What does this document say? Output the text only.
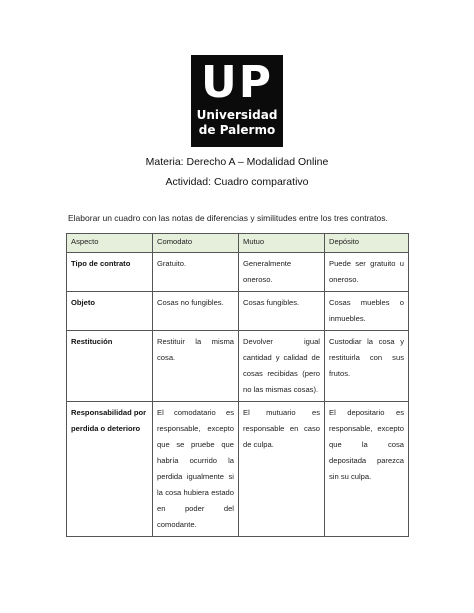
UP
Universidad
de Palermo
Materia: Derecho A – Modalidad Online
Actividad: Cuadro comparativo
Elaborar un cuadro con las notas de diferencias y similitudes entre los tres contratos.
Aspecto	Comodato	Mutuo	Depósito
Tipo de contrato	Gratuito.	Generalmente oneroso.	Puede ser gratuito u oneroso.
Objeto	Cosas no fungibles.	Cosas fungibles.	Cosas muebles o inmuebles.
Restitución	Restituir la misma cosa.	Devolver igual cantidad y calidad de cosas recibidas (pero no las mismas cosas).	Custodiar la cosa y restituirla con sus frutos.
Responsabilidad por perdida o deterioro	El comodatario es responsable, excepto que se pruebe que habría ocurrido la perdida igualmente si la cosa hubiera estado en poder del comodante.	El mutuario es responsable en caso de culpa.	El depositario es responsable, excepto que la cosa depositada parezca sin su culpa.
